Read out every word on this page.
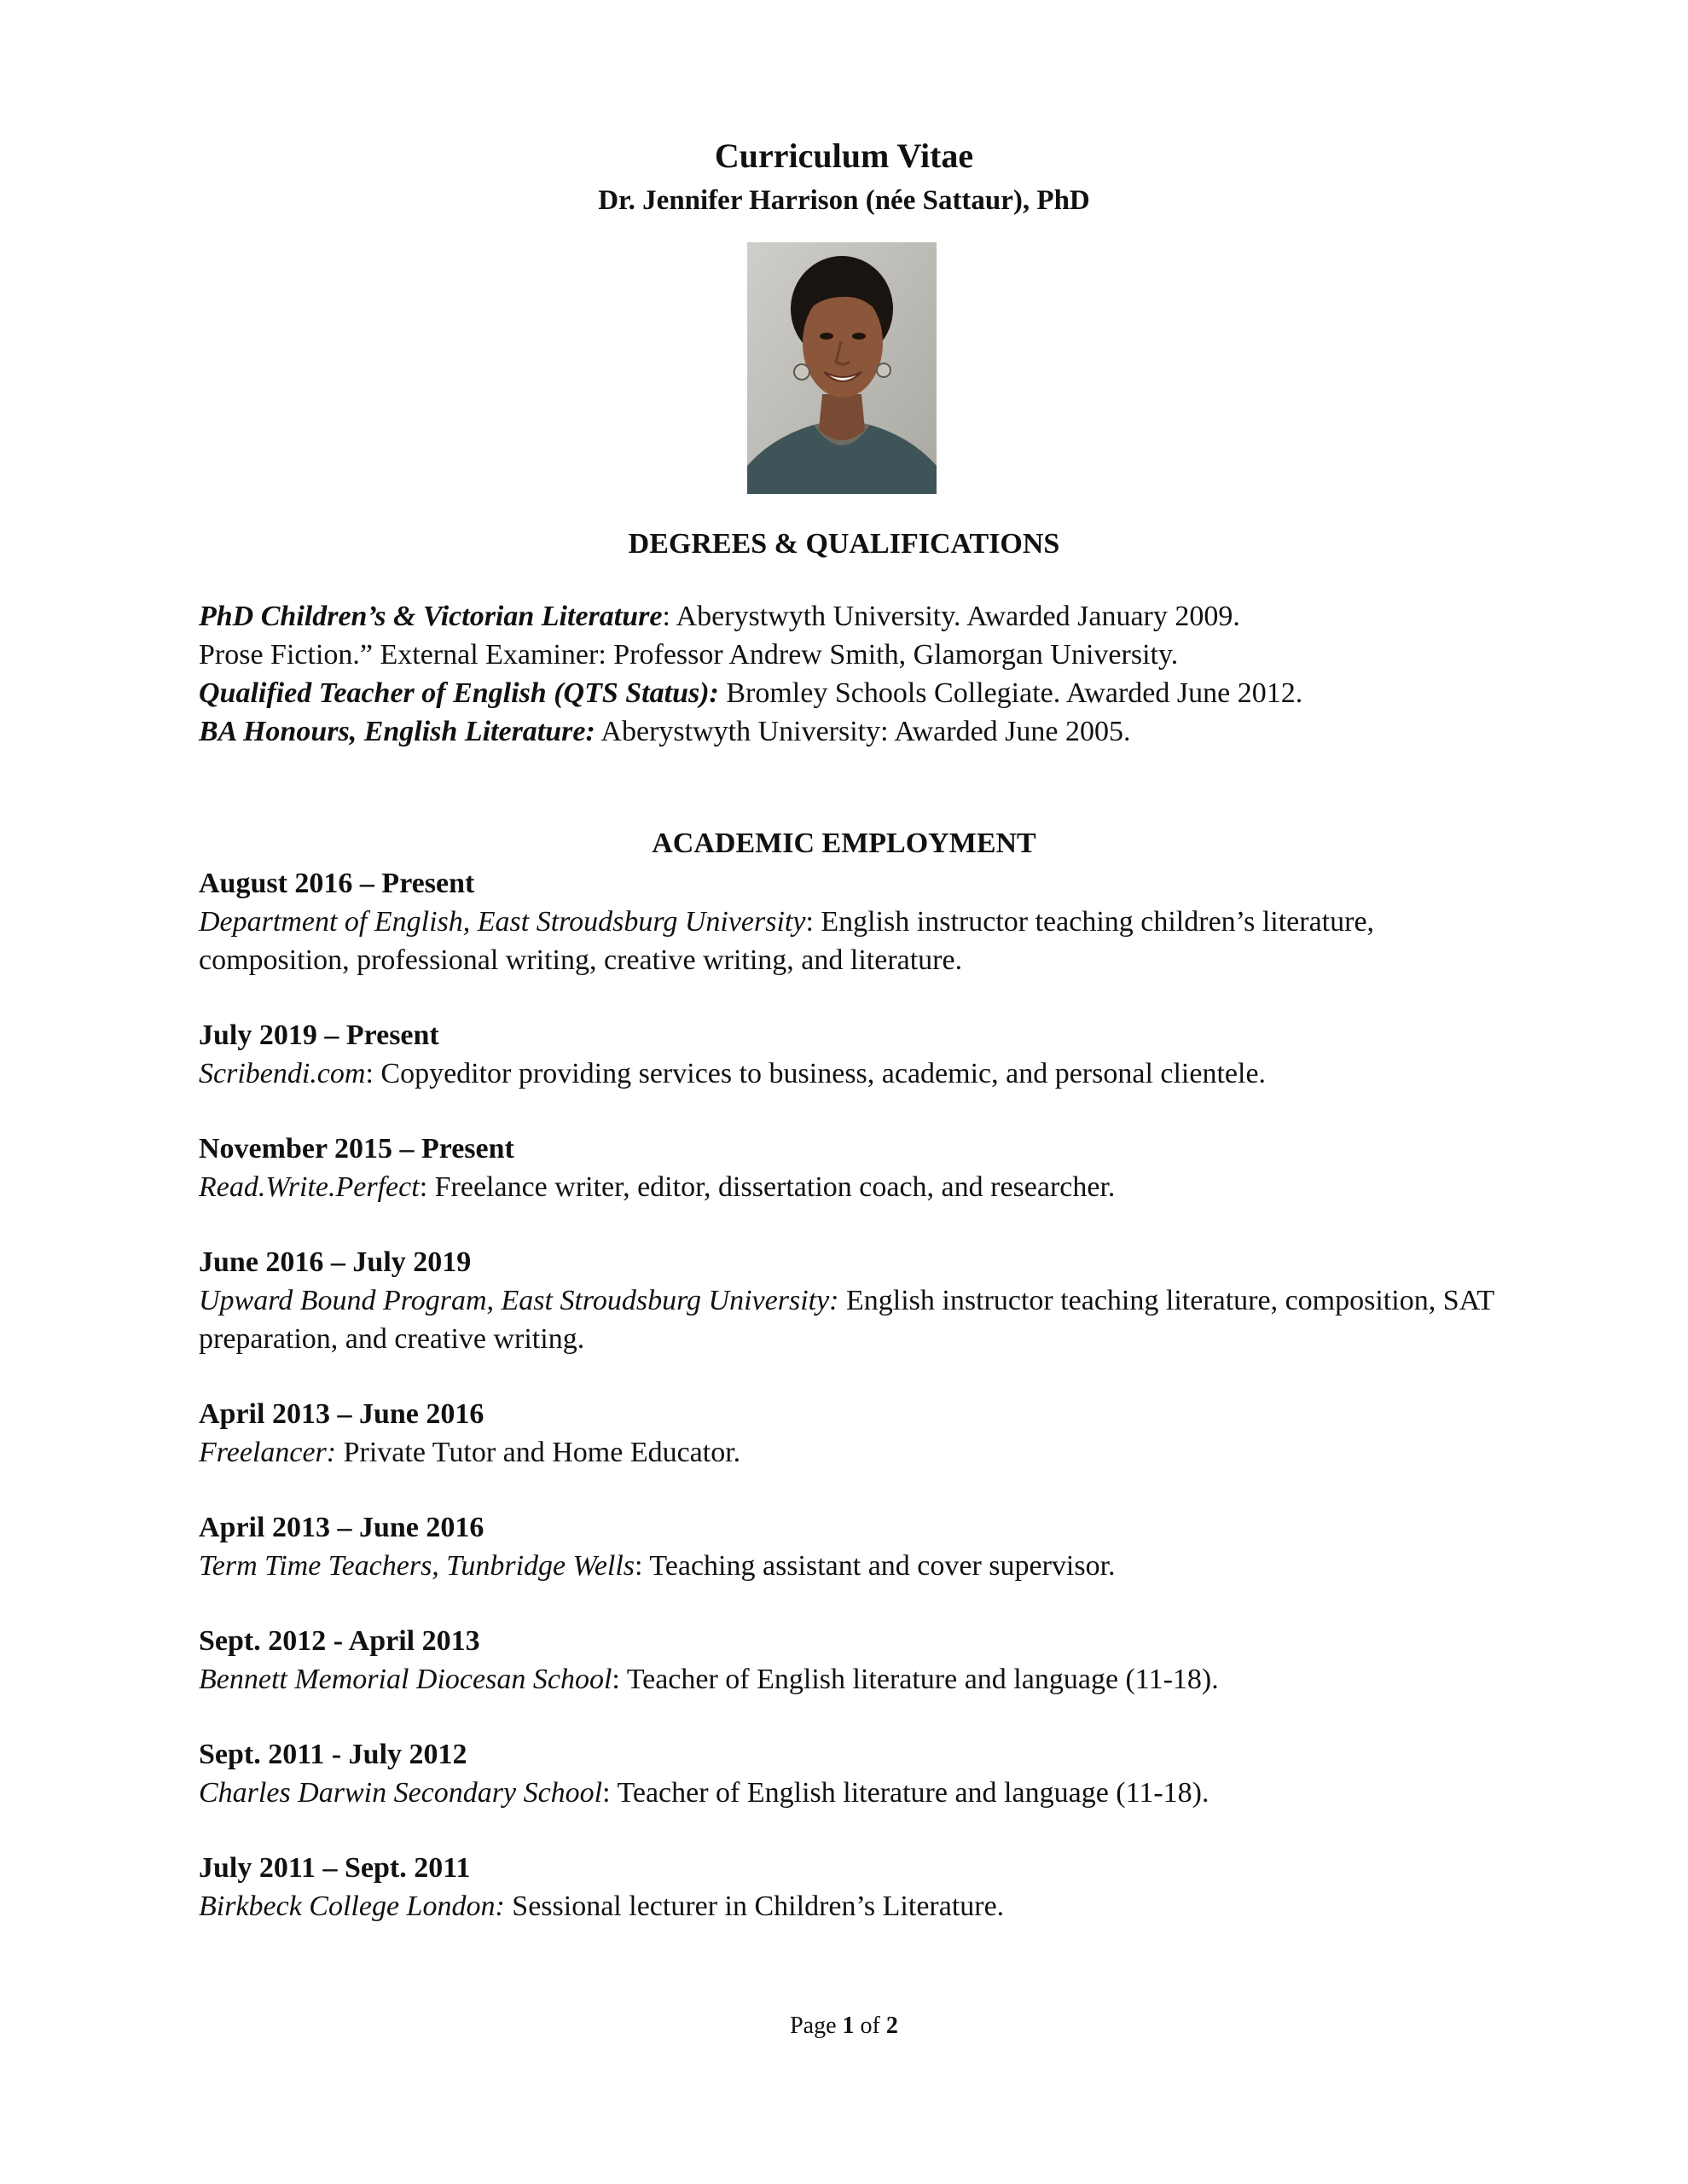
Curriculum Vitae
Dr. Jennifer Harrison (née Sattaur), PhD
DEGREES & QUALIFICATIONS
PhD Children’s & Victorian Literature: Aberystwyth University. Awarded January 2009.
Prose Fiction.” External Examiner: Professor Andrew Smith, Glamorgan University.
Qualified Teacher of English (QTS Status): Bromley Schools Collegiate. Awarded June 2012.
BA Honours, English Literature: Aberystwyth University: Awarded June 2005.
ACADEMIC EMPLOYMENT
August 2016 – Present
Department of English, East Stroudsburg University: English instructor teaching children’s literature, composition, professional writing, creative writing, and literature.
July 2019 – Present
Scribendi.com: Copyeditor providing services to business, academic, and personal clientele.
November 2015 – Present
Read.Write.Perfect: Freelance writer, editor, dissertation coach, and researcher.
June 2016 – July 2019
Upward Bound Program, East Stroudsburg University: English instructor teaching literature, composition, SAT preparation, and creative writing.
April 2013 – June 2016
Freelancer: Private Tutor and Home Educator.
April 2013 – June 2016
Term Time Teachers, Tunbridge Wells: Teaching assistant and cover supervisor.
Sept. 2012 - April 2013
Bennett Memorial Diocesan School: Teacher of English literature and language (11-18).
Sept. 2011 - July 2012
Charles Darwin Secondary School: Teacher of English literature and language (11-18).
July 2011 – Sept. 2011
Birkbeck College London: Sessional lecturer in Children’s Literature.
Page 1 of 2
